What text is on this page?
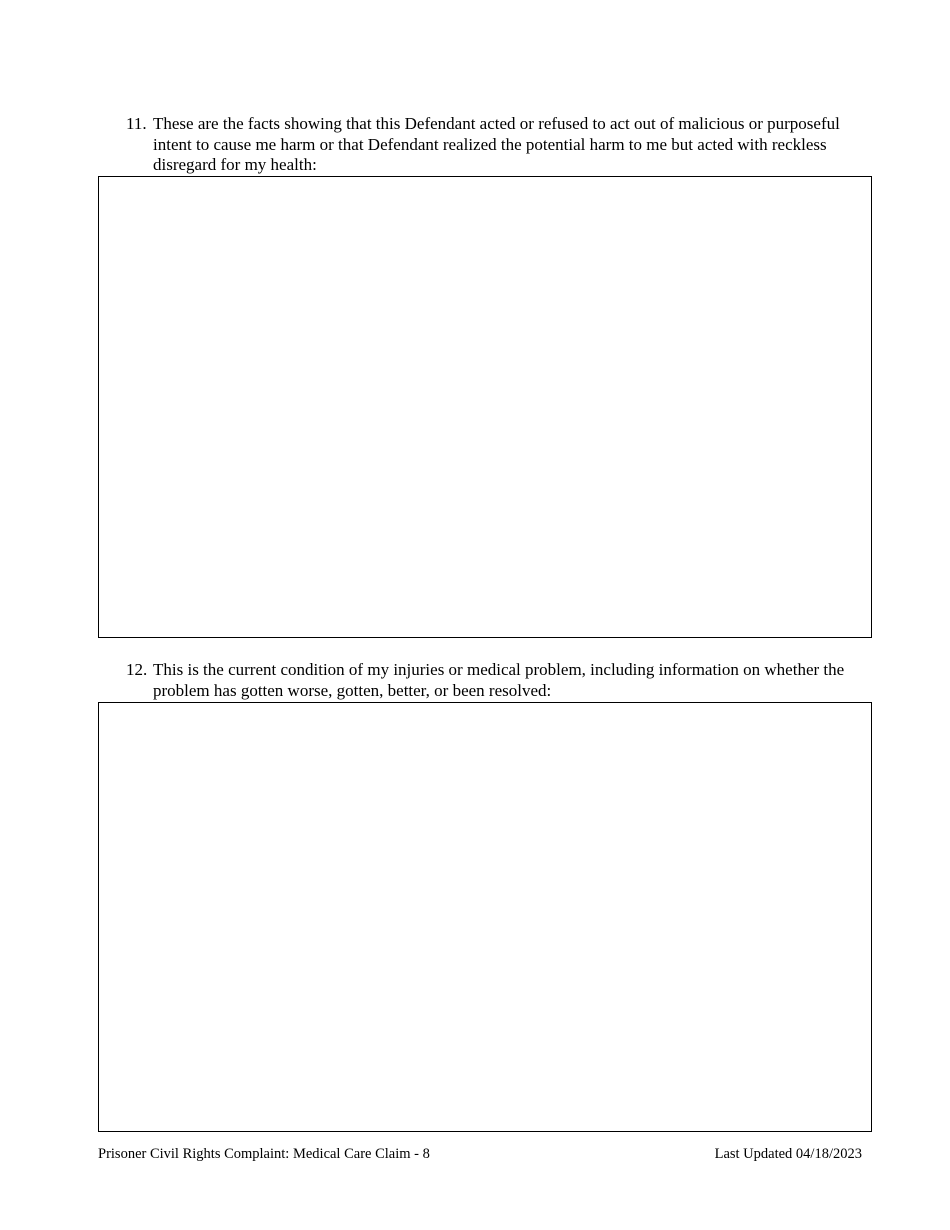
11. These are the facts showing that this Defendant acted or refused to act out of malicious or purposeful intent to cause me harm or that Defendant realized the potential harm to me but acted with reckless disregard for my health:
12. This is the current condition of my injuries or medical problem, including information on whether the problem has gotten worse, gotten, better, or been resolved:
Prisoner Civil Rights Complaint: Medical Care Claim - 8	Last Updated 04/18/2023
